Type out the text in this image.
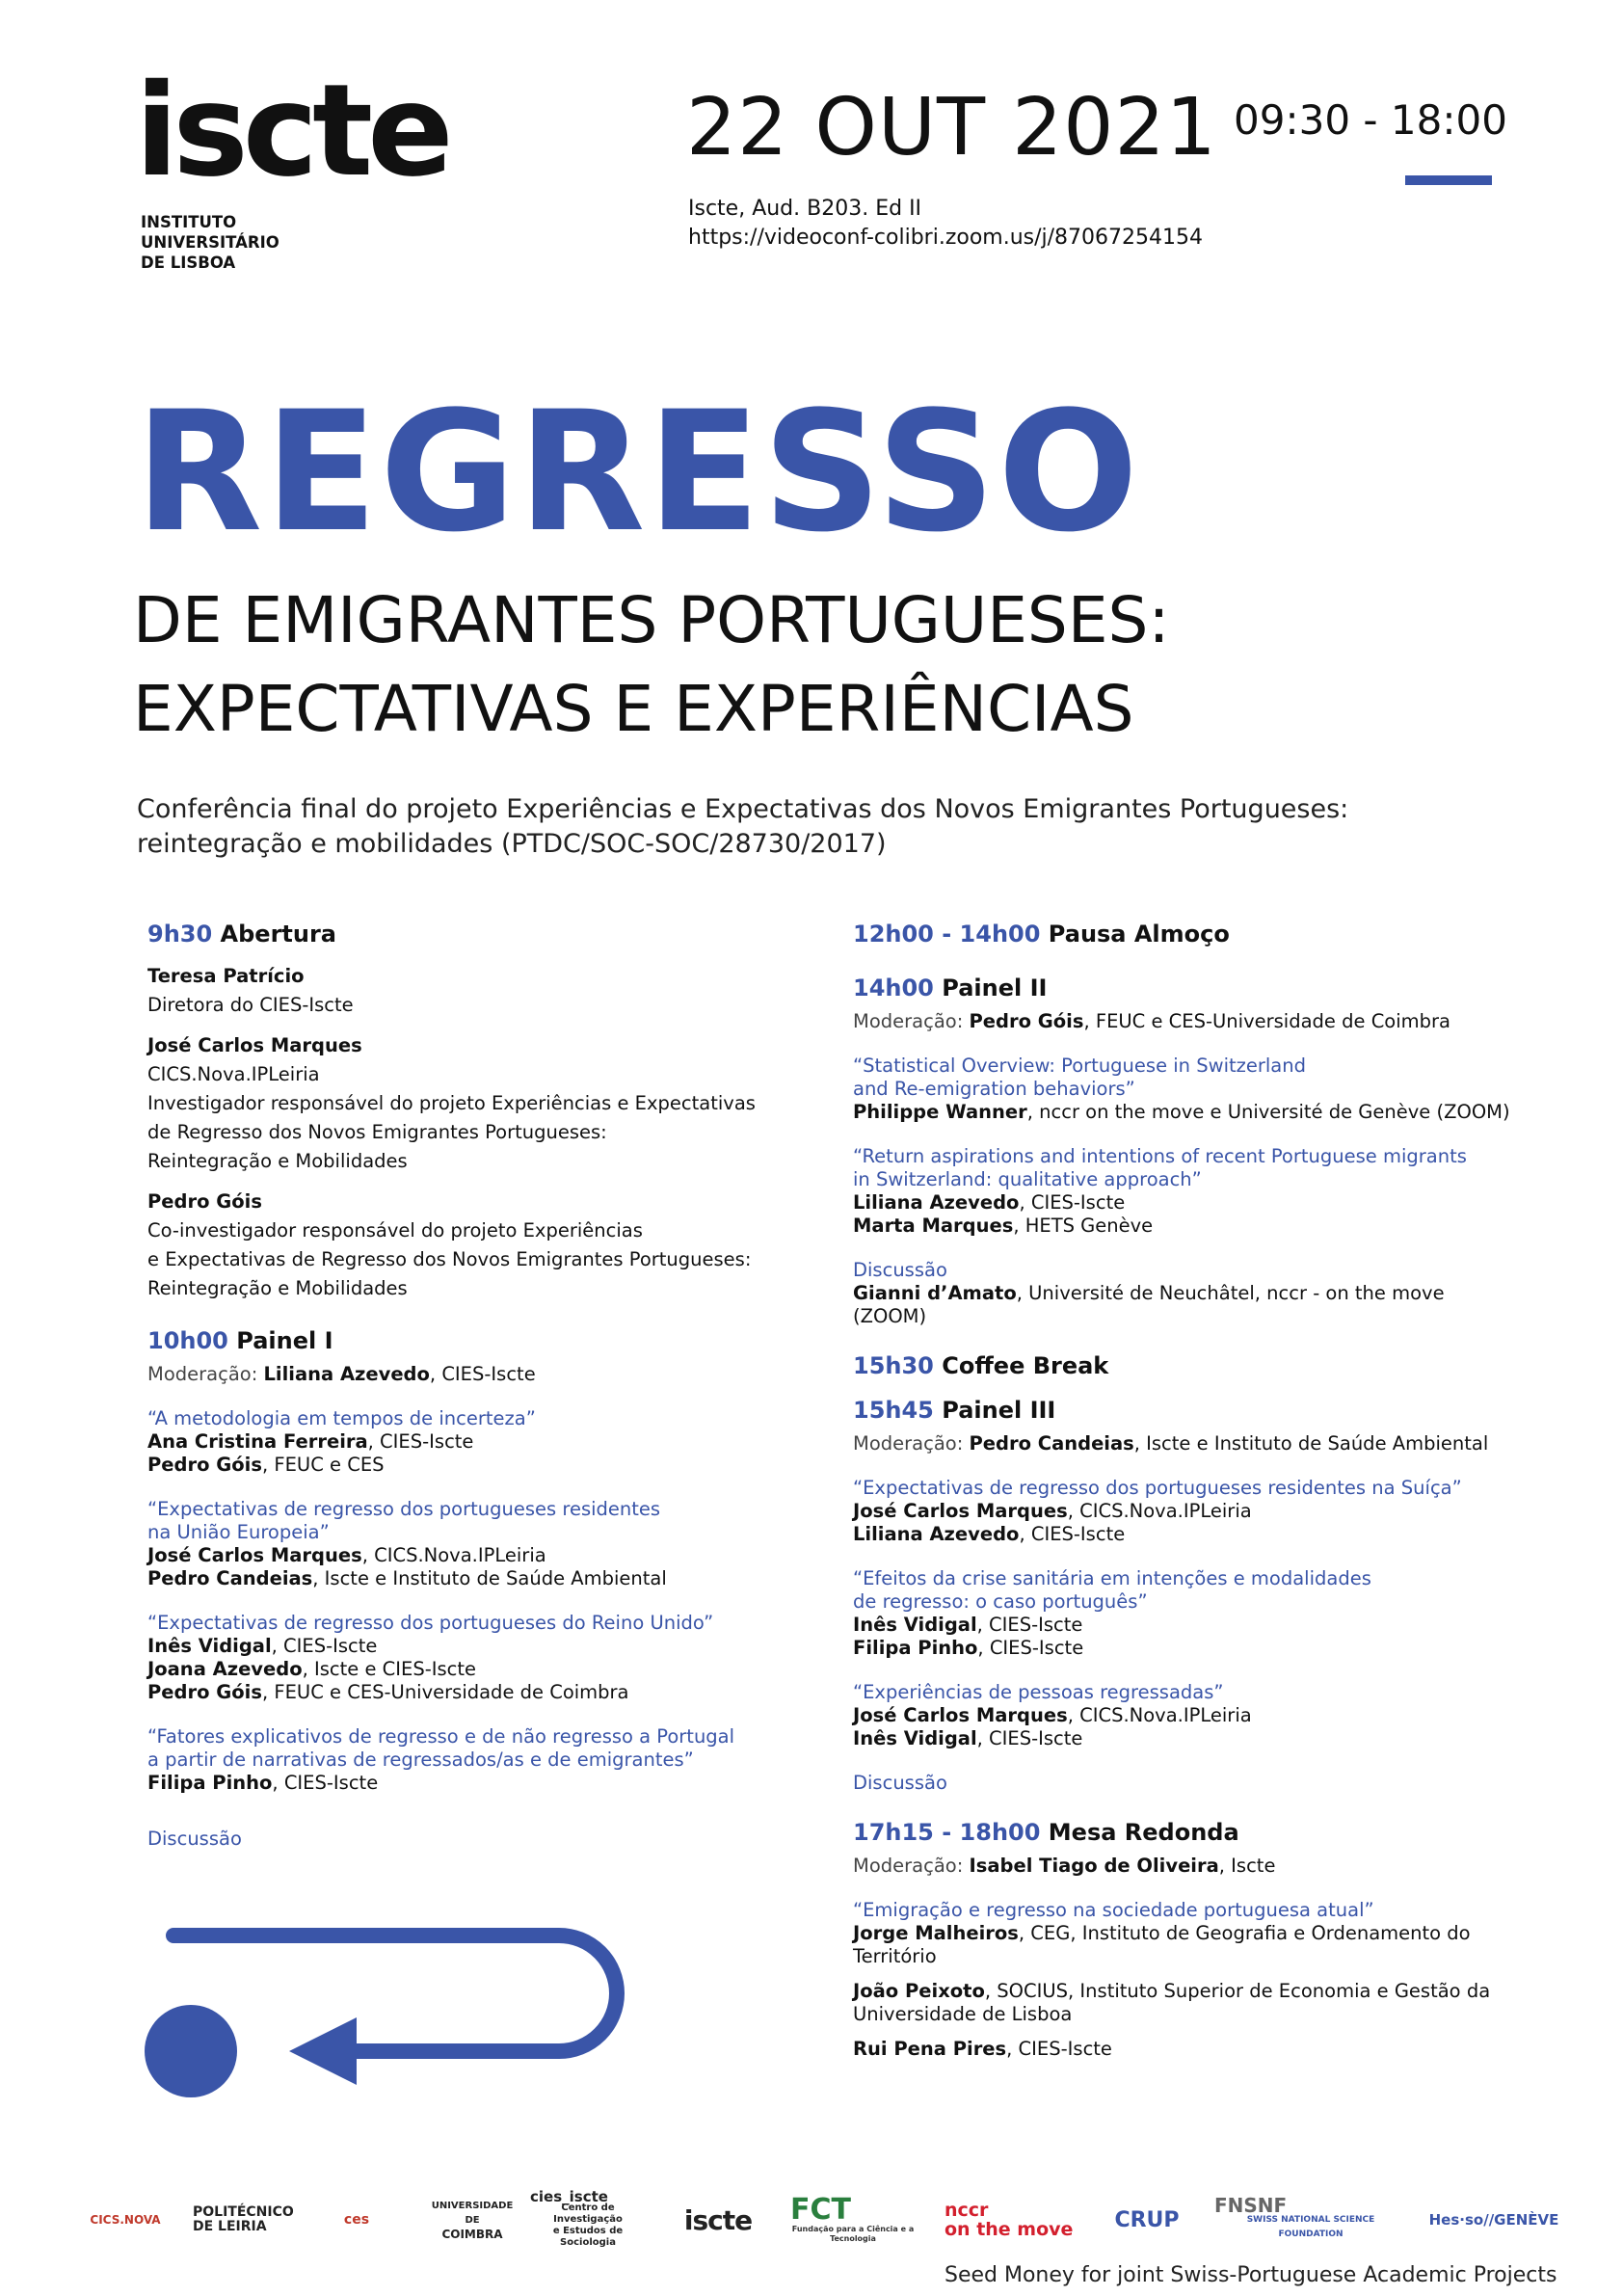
iscte
INSTITUTO
UNIVERSITÁRIO
DE LISBOA
22 OUT 2021 09:30 - 18:00
Iscte, Aud. B203. Ed II
https://videoconf-colibri.zoom.us/j/87067254154
REGRESSO
DE EMIGRANTES PORTUGUESES:
EXPECTATIVAS E EXPERIÊNCIAS
Conferência final do projeto Experiências e Expectativas dos Novos Emigrantes Portugueses:
reintegração e mobilidades (PTDC/SOC-SOC/28730/2017)

9h30 Abertura

Teresa Patrício

Diretora do CIES-Iscte

José Carlos Marques

CICS.Nova.IPLeiria

Investigador responsável do projeto Experiências e Expectativas

de Regresso dos Novos Emigrantes Portugueses:

Reintegração e Mobilidades

Pedro Góis

Co-investigador responsável do projeto Experiências

e Expectativas de Regresso dos Novos Emigrantes Portugueses:

Reintegração e Mobilidades

10h00 Painel I

Moderação: Liliana Azevedo, CIES-Iscte

“A metodologia em tempos de incerteza”

Ana Cristina Ferreira, CIES-Iscte

Pedro Góis, FEUC e CES

“Expectativas de regresso dos portugueses residentes

na União Europeia”

José Carlos Marques, CICS.Nova.IPLeiria

Pedro Candeias, Iscte e Instituto de Saúde Ambiental

“Expectativas de regresso dos portugueses do Reino Unido”

Inês Vidigal, CIES-Iscte

Joana Azevedo, Iscte e CIES-Iscte

Pedro Góis, FEUC e CES-Universidade de Coimbra

“Fatores explicativos de regresso e de não regresso a Portugal

a partir de narrativas de regressados/as e de emigrantes”

Filipa Pinho, CIES-Iscte

Discussão

12h00 - 14h00 Pausa Almoço

14h00 Painel II

Moderação: Pedro Góis, FEUC e CES-Universidade de Coimbra

“Statistical Overview: Portuguese in Switzerland

and Re-emigration behaviors”

Philippe Wanner, nccr on the move e Université de Genève (ZOOM)

“Return aspirations and intentions of recent Portuguese migrants

in Switzerland: qualitative approach”

Liliana Azevedo, CIES-Iscte

Marta Marques, HETS Genève

Discussão

Gianni d’Amato, Université de Neuchâtel, nccr - on the move

(ZOOM)

15h30 Coffee Break

15h45 Painel III

Moderação: Pedro Candeias, Iscte e Instituto de Saúde Ambiental

“Expectativas de regresso dos portugueses residentes na Suíça”

José Carlos Marques, CICS.Nova.IPLeiria

Liliana Azevedo, CIES-Iscte

“Efeitos da crise sanitária em intenções e modalidades

de regresso: o caso português”

Inês Vidigal, CIES-Iscte

Filipa Pinho, CIES-Iscte

“Experiências de pessoas regressadas”

José Carlos Marques, CICS.Nova.IPLeiria

Inês Vidigal, CIES-Iscte

Discussão

17h15 - 18h00 Mesa Redonda

Moderação: Isabel Tiago de Oliveira, Iscte

“Emigração e regresso na sociedade portuguesa atual”

Jorge Malheiros, CEG, Instituto de Geografia e Ordenamento do

Território

João Peixoto, SOCIUS, Instituto Superior de Economia e Gestão da

Universidade de Lisboa

Rui Pena Pires, CIES-Iscte

CICS.NOVA POLITÉCNICO
DE LEIRIA	ces
UNIVERSIDADE DE
COIMBRA
cies_iscte
Centro de Investigação
e Estudos de Sociologia
iscte FCT
Fundação para a Ciência e a Tecnologia
nccr
on the move CRUP
FNSNF
SWISS NATIONAL SCIENCE FOUNDATION
Hes·so//GENÈVE
Seed Money for joint Swiss-Portuguese Academic Projects
